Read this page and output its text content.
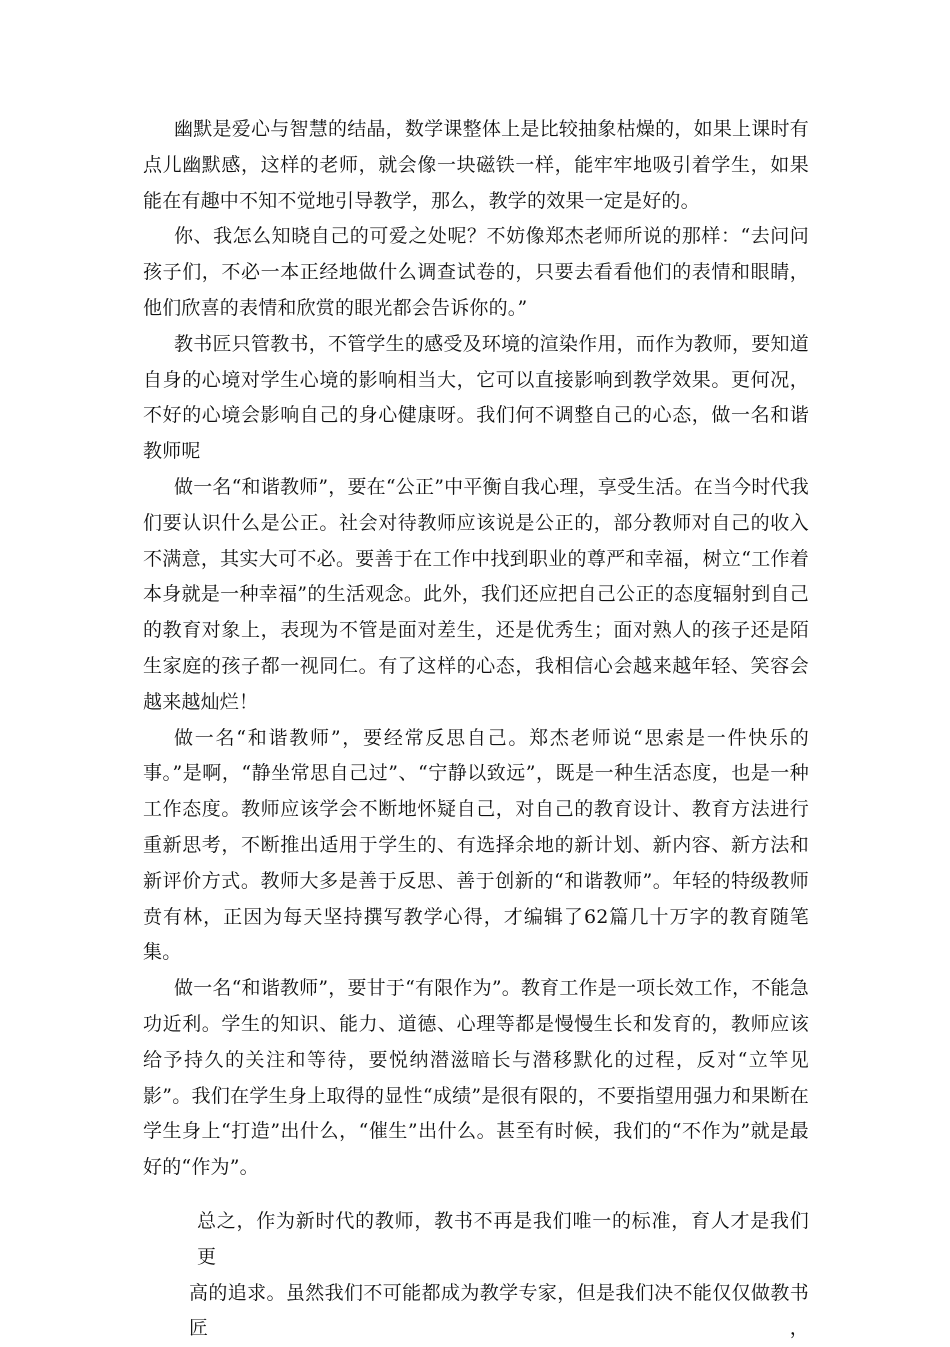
幽默是爱心与智慧的结晶，数学课整体上是比较抽象枯燥的，如果上课时有点儿幽默感，这样的老师，就会像一块磁铁一样，能牢牢地吸引着学生，如果能在有趣中不知不觉地引导教学，那么，教学的效果一定是好的。

你、我怎么知晓自己的可爱之处呢？不妨像郑杰老师所说的那样：“去问问孩子们，不必一本正经地做什么调查试卷的，只要去看看他们的表情和眼睛，他们欣喜的表情和欣赏的眼光都会告诉你的。”

教书匠只管教书，不管学生的感受及环境的渲染作用，而作为教师，要知道自身的心境对学生心境的影响相当大，它可以直接影响到教学效果。更何况，不好的心境会影响自己的身心健康呀。我们何不调整自己的心态，做一名和谐教师呢

做一名“和谐教师”，要在“公正”中平衡自我心理，享受生活。在当今时代我们要认识什么是公正。社会对待教师应该说是公正的，部分教师对自己的收入不满意，其实大可不必。要善于在工作中找到职业的尊严和幸福，树立“工作着本身就是一种幸福”的生活观念。此外，我们还应把自己公正的态度辐射到自己的教育对象上，表现为不管是面对差生，还是优秀生；面对熟人的孩子还是陌生家庭的孩子都一视同仁。有了这样的心态，我相信心会越来越年轻、笑容会越来越灿烂！

做一名“和谐教师”，要经常反思自己。郑杰老师说“思索是一件快乐的事。”是啊，“静坐常思自己过”、“宁静以致远”，既是一种生活态度，也是一种工作态度。教师应该学会不断地怀疑自己，对自己的教育设计、教育方法进行重新思考，不断推出适用于学生的、有选择余地的新计划、新内容、新方法和新评价方式。教师大多是善于反思、善于创新的“和谐教师”。年轻的特级教师贲有林，正因为每天坚持撰写教学心得，才编辑了62篇几十万字的教育随笔集。

做一名“和谐教师”，要甘于“有限作为”。教育工作是一项长效工作，不能急功近利。学生的知识、能力、道德、心理等都是慢慢生长和发育的，教师应该给予持久的关注和等待，要悦纳潜滋暗长与潜移默化的过程，反对“立竿见影”。我们在学生身上取得的显性“成绩”是很有限的，不要指望用强力和果断在学生身上“打造”出什么，“催生”出什么。甚至有时候，我们的“不作为”就是最好的“作为”。

总之，作为新时代的教师，教书不再是我们唯一的标准，育人才是我们更
高的追求。虽然我们不可能都成为教学专家，但是我们决不能仅仅做教书匠，
